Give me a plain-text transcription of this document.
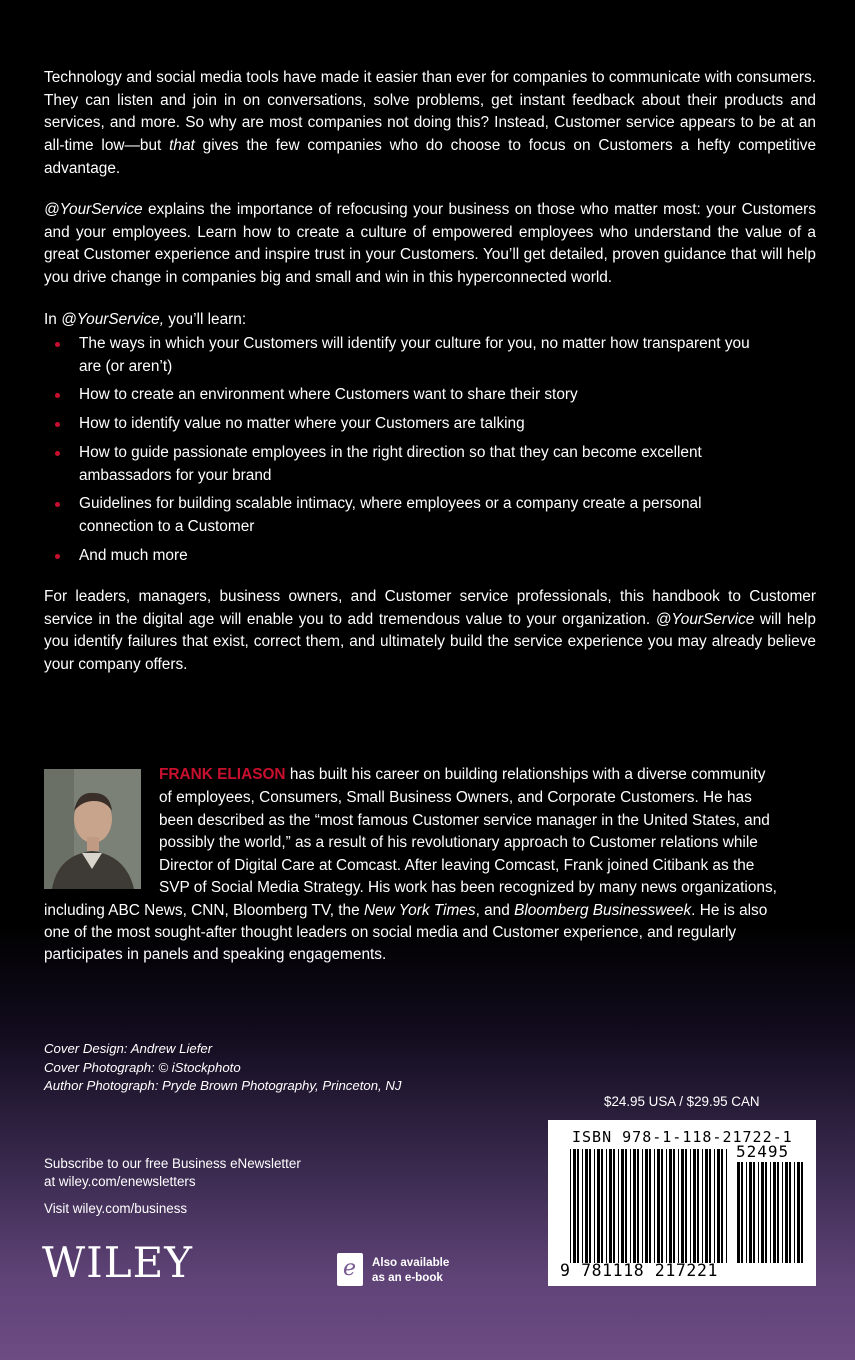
Technology and social media tools have made it easier than ever for companies to communicate with consumers. They can listen and join in on conversations, solve problems, get instant feedback about their products and services, and more. So why are most companies not doing this? Instead, Customer service appears to be at an all-time low—but that gives the few companies who do choose to focus on Customers a hefty competitive advantage.

@YourService explains the importance of refocusing your business on those who matter most: your Customers and your employees. Learn how to create a culture of empowered employees who understand the value of a great Customer experience and inspire trust in your Customers. You’ll get detailed, proven guidance that will help you drive change in companies big and small and win in this hyperconnected world.

In @YourService, you’ll learn:

The ways in which your Customers will identify your culture for you, no matter how transparent you are (or aren’t)
How to create an environment where Customers want to share their story
How to identify value no matter where your Customers are talking
How to guide passionate employees in the right direction so that they can become excellent ambassadors for your brand
Guidelines for building scalable intimacy, where employees or a company create a personal connection to a Customer
And much more

For leaders, managers, business owners, and Customer service professionals, this handbook to Customer service in the digital age will enable you to add tremendous value to your organization. @YourService will help you identify failures that exist, correct them, and ultimately build the service experience you may already believe your company offers.

FRANK ELIASON has built his career on building relationships with a diverse community
of employees, Consumers, Small Business Owners, and Corporate Customers. He has
been described as the “most famous Customer service manager in the United States, and
possibly the world,” as a result of his revolutionary approach to Customer relations while
Director of Digital Care at Comcast. After leaving Comcast, Frank joined Citibank as the
SVP of Social Media Strategy. His work has been recognized by many news organizations,
including ABC News, CNN, Bloomberg TV, the New York Times, and Bloomberg Businessweek. He is also
one of the most sought-after thought leaders on social media and Customer experience, and regularly
participates in panels and speaking engagements.
Cover Design: Andrew Liefer
Cover Photograph: © iStockphoto
Author Photograph: Pryde Brown Photography, Princeton, NJ
$24.95 USA / $29.95 CAN
ISBN 978-1-118-21722-1
52495
9 781118 217221
Subscribe to our free Business eNewsletter
at wiley.com/enewsletters
Visit wiley.com/business
WILEY	e Also available
as an e-book
